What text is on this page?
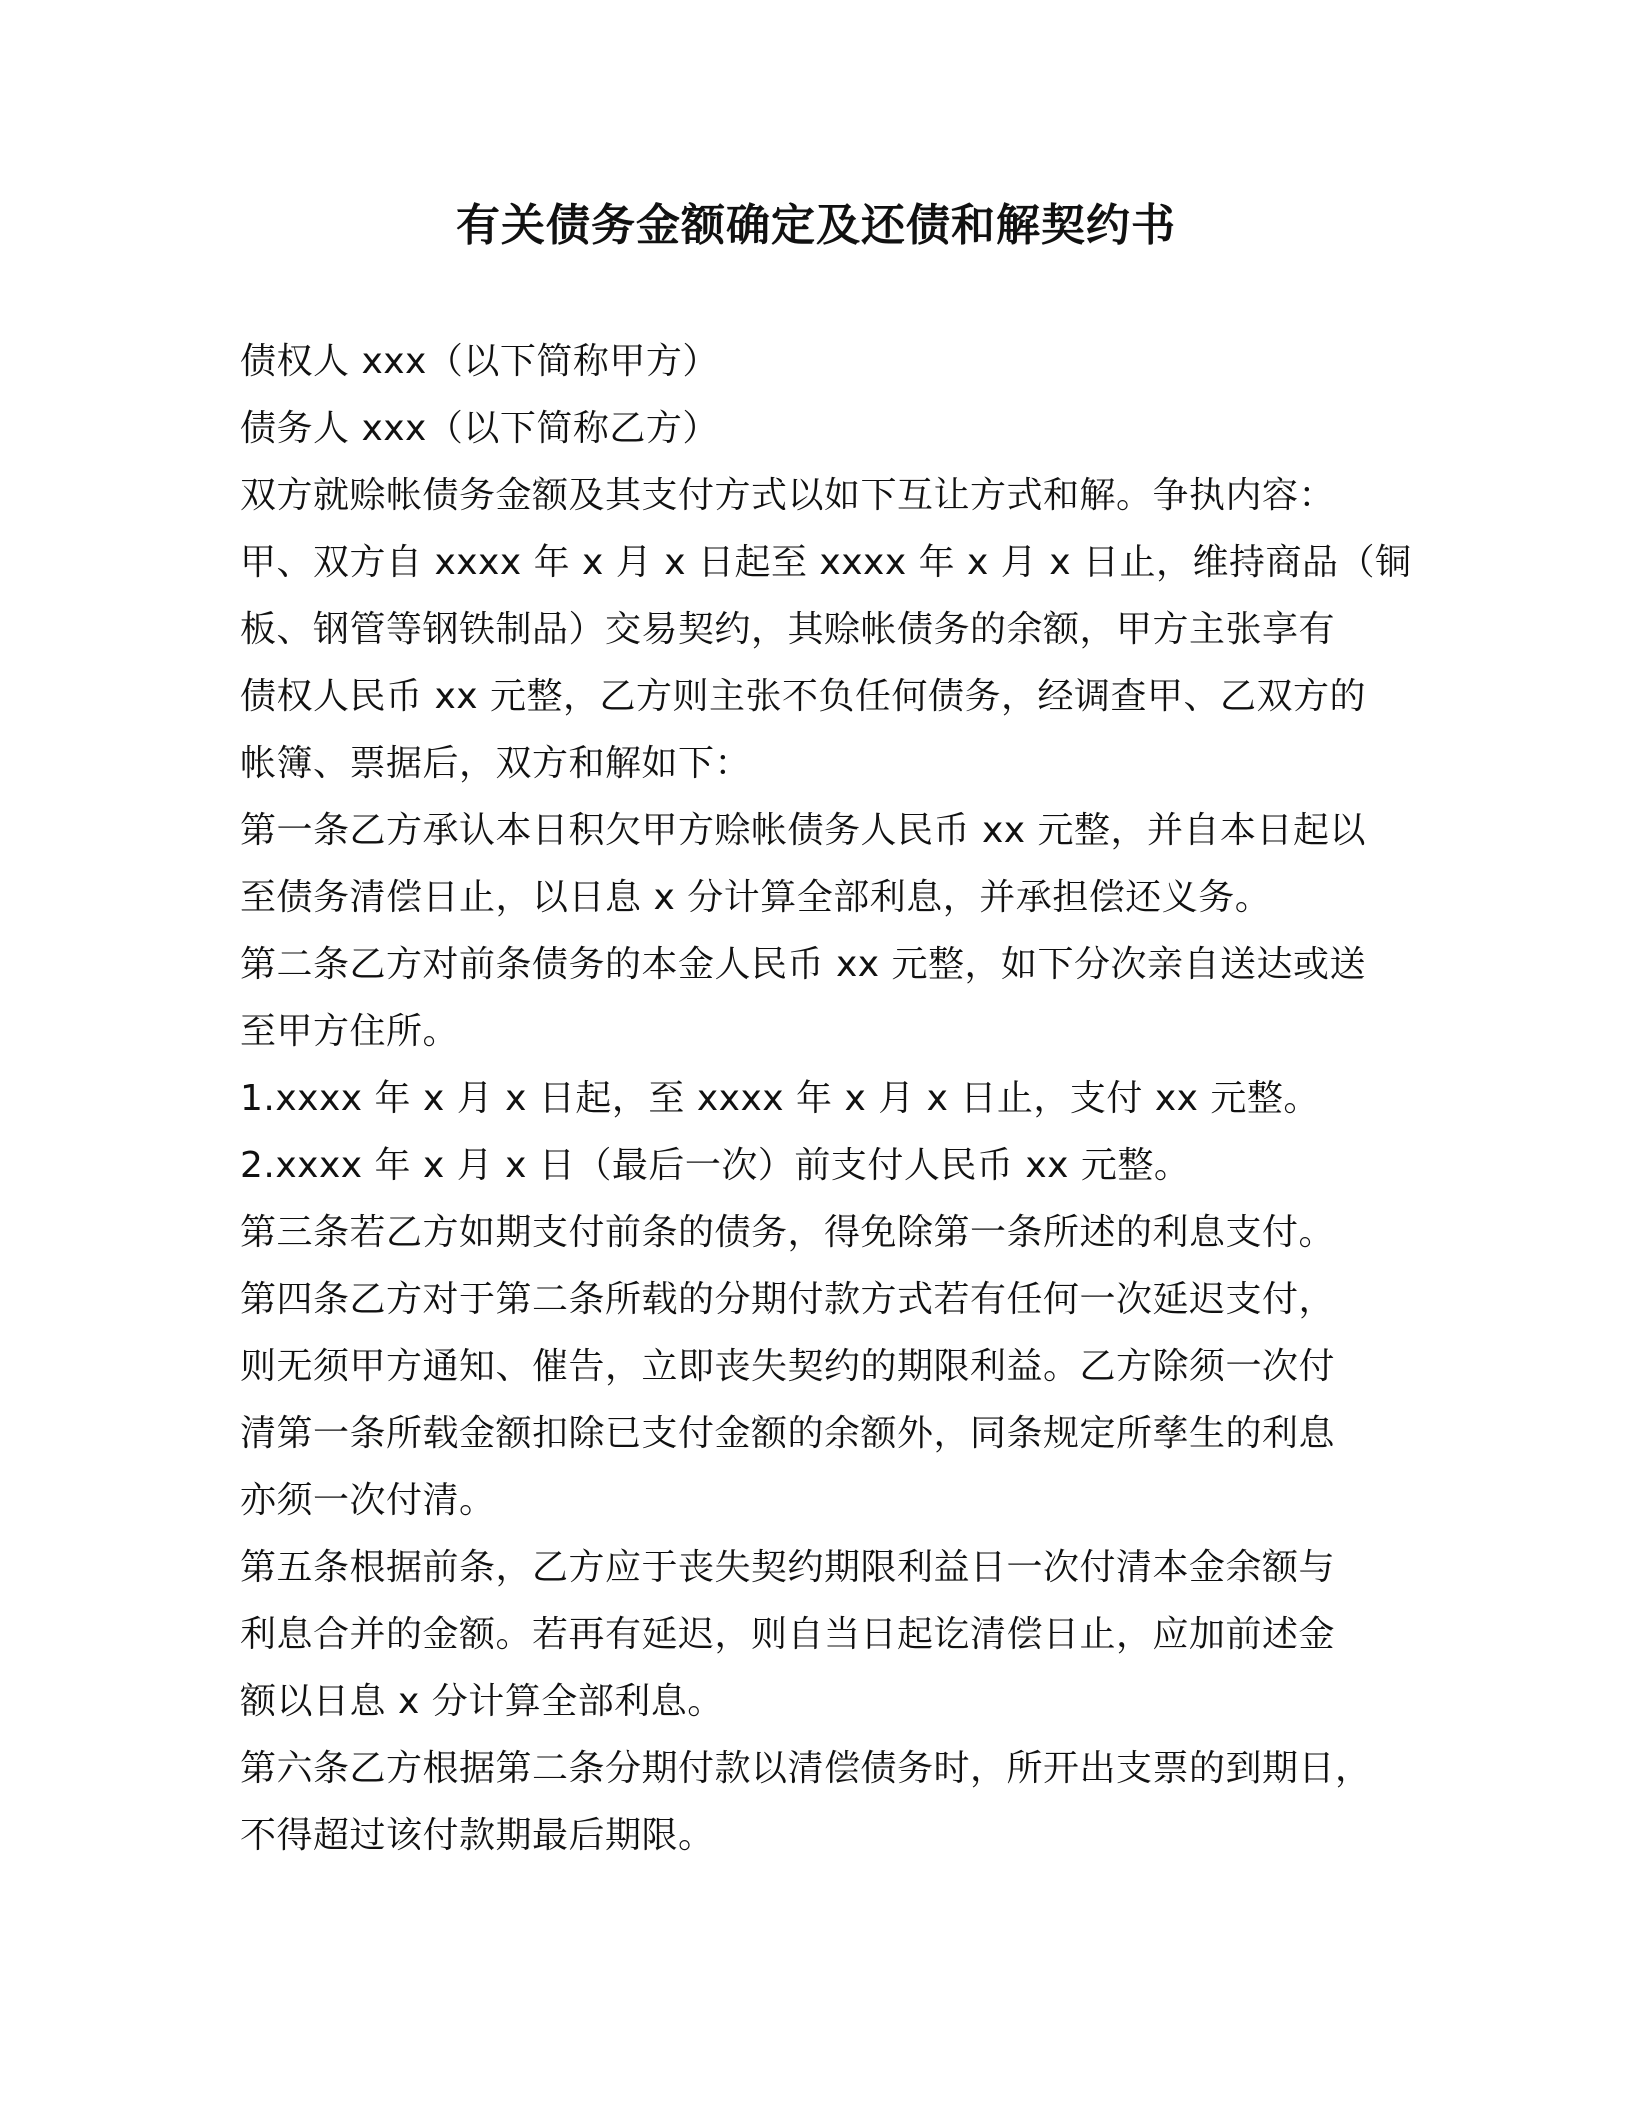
有关债务金额确定及还债和解契约书
债权人 xxx（以下简称甲方）
债务人 xxx（以下简称乙方）
双方就赊帐债务金额及其支付方式以如下互让方式和解。争执内容：
甲、双方自 xxxx 年 x 月 x 日起至 xxxx 年 x 月 x 日止，维持商品（铜
板、钢管等钢铁制品）交易契约，其赊帐债务的余额，甲方主张享有
债权人民币 xx 元整，乙方则主张不负任何债务，经调查甲、乙双方的
帐簿、票据后，双方和解如下：
第一条乙方承认本日积欠甲方赊帐债务人民币 xx 元整，并自本日起以
至债务清偿日止，以日息 x 分计算全部利息，并承担偿还义务。
第二条乙方对前条债务的本金人民币 xx 元整，如下分次亲自送达或送
至甲方住所。
1.xxxx 年 x 月 x 日起，至 xxxx 年 x 月 x 日止，支付 xx 元整。
2.xxxx 年 x 月 x 日（最后一次）前支付人民币 xx 元整。
第三条若乙方如期支付前条的债务，得免除第一条所述的利息支付。
第四条乙方对于第二条所载的分期付款方式若有任何一次延迟支付，
则无须甲方通知、催告，立即丧失契约的期限利益。乙方除须一次付
清第一条所载金额扣除已支付金额的余额外，同条规定所孳生的利息
亦须一次付清。
第五条根据前条，乙方应于丧失契约期限利益日一次付清本金余额与
利息合并的金额。若再有延迟，则自当日起讫清偿日止，应加前述金
额以日息 x 分计算全部利息。
第六条乙方根据第二条分期付款以清偿债务时，所开出支票的到期日，
不得超过该付款期最后期限。
